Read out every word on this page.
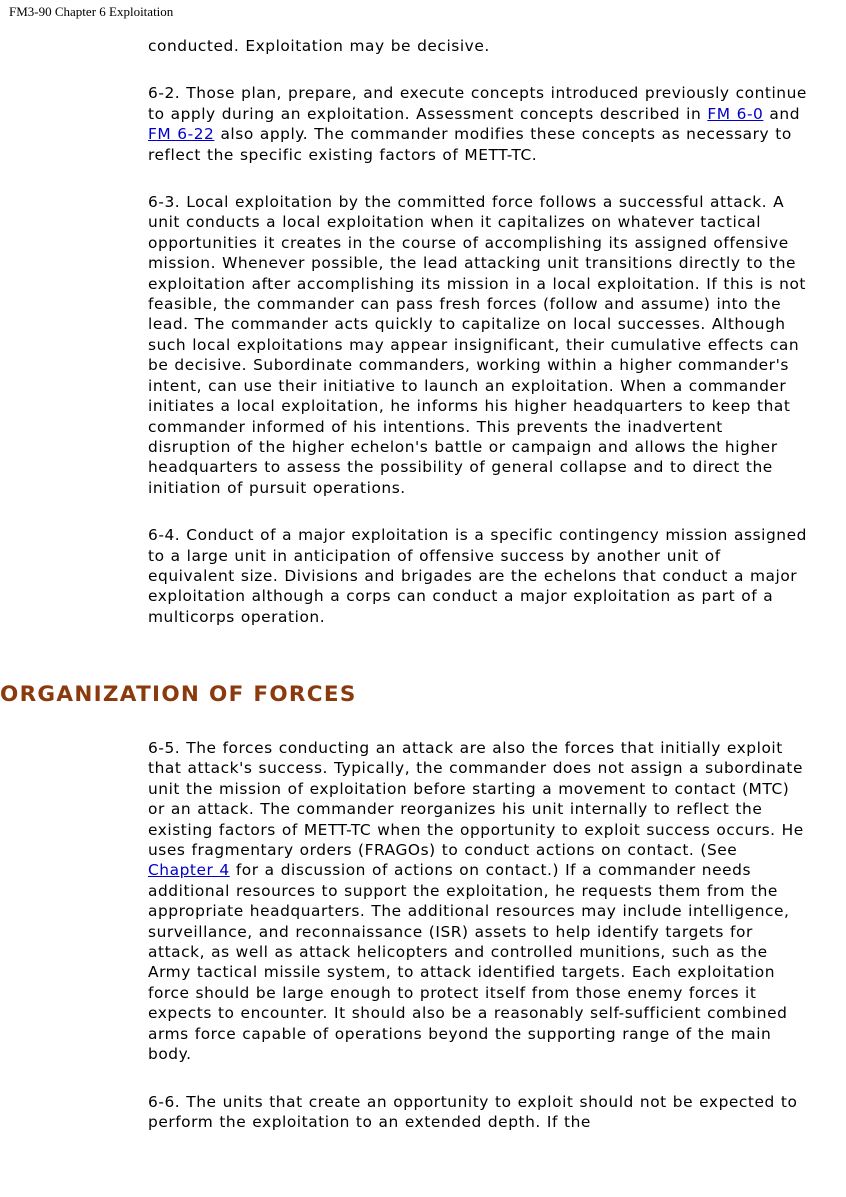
FM3-90 Chapter 6 Exploitation

conducted. Exploitation may be decisive.

6-2. Those plan, prepare, and execute concepts introduced previously continue to apply during an exploitation. Assessment concepts described in FM 6-0 and FM 6-22 also apply. The commander modifies these concepts as necessary to reflect the specific existing factors of METT-TC.

6-3. Local exploitation by the committed force follows a successful attack. A unit conducts a local exploitation when it capitalizes on whatever tactical opportunities it creates in the course of accomplishing its assigned offensive mission. Whenever possible, the lead attacking unit transitions directly to the exploitation after accomplishing its mission in a local exploitation. If this is not feasible, the commander can pass fresh forces (follow and assume) into the lead. The commander acts quickly to capitalize on local successes. Although such local exploitations may appear insignificant, their cumulative effects can be decisive. Subordinate commanders, working within a higher commander's intent, can use their initiative to launch an exploitation. When a commander initiates a local exploitation, he informs his higher headquarters to keep that commander informed of his intentions. This prevents the inadvertent disruption of the higher echelon's battle or campaign and allows the higher headquarters to assess the possibility of general collapse and to direct the initiation of pursuit operations.

6-4. Conduct of a major exploitation is a specific contingency mission assigned to a large unit in anticipation of offensive success by another unit of equivalent size. Divisions and brigades are the echelons that conduct a major exploitation although a corps can conduct a major exploitation as part of a multicorps operation.

ORGANIZATION OF FORCES

6-5. The forces conducting an attack are also the forces that initially exploit that attack's success. Typically, the commander does not assign a subordinate unit the mission of exploitation before starting a movement to contact (MTC) or an attack. The commander reorganizes his unit internally to reflect the existing factors of METT-TC when the opportunity to exploit success occurs. He uses fragmentary orders (FRAGOs) to conduct actions on contact. (See Chapter 4 for a discussion of actions on contact.) If a commander needs additional resources to support the exploitation, he requests them from the appropriate headquarters. The additional resources may include intelligence, surveillance, and reconnaissance (ISR) assets to help identify targets for attack, as well as attack helicopters and controlled munitions, such as the Army tactical missile system, to attack identified targets. Each exploitation force should be large enough to protect itself from those enemy forces it expects to encounter. It should also be a reasonably self-sufficient combined arms force capable of operations beyond the supporting range of the main body.

6-6. The units that create an opportunity to exploit should not be expected to perform the exploitation to an extended depth. If the
